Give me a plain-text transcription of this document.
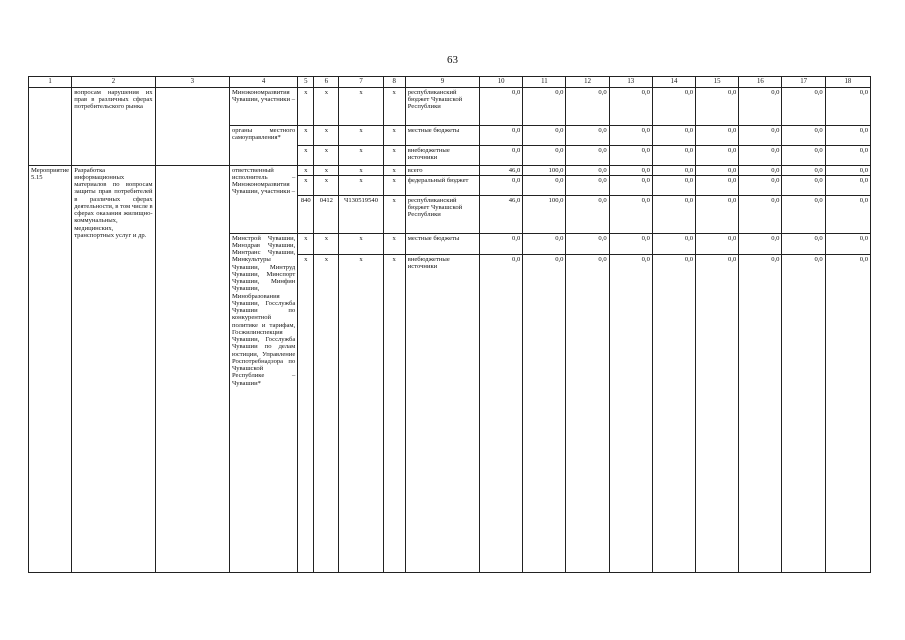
63
1	2	3	4	5	6	7	8	9	10	11	12	13	14	15	16	17	18
	вопросам нарушения их прав в различных сферах потребительского рынка		Минэкономразвития Чувашии, участники –	x	x	x	x	республиканский бюджет Чувашской Республики	0,0	0,0	0,0	0,0	0,0	0,0	0,0	0,0	0,0
			органы местного самоуправления*	x	x	x	x	местные бюджеты	0,0	0,0	0,0	0,0	0,0	0,0	0,0	0,0	0,0
				x	x	x	x	внебюджетные источники	0,0	0,0	0,0	0,0	0,0	0,0	0,0	0,0	0,0
Мероприятие 5.15	Разработка информационных материалов по вопросам защиты прав потребителей в различных сферах деятельности, в том числе в сферах оказания жилищно-коммунальных, медицинских, транспортных услуг и др.		ответственный исполнитель – Минэкономразвития Чувашии, участники –	x	x	x	x	всего	46,0	100,0	0,0	0,0	0,0	0,0	0,0	0,0	0,0
				x	x	x	x	федеральный бюджет	0,0	0,0	0,0	0,0	0,0	0,0	0,0	0,0	0,0
				840	0412	Ч130519540	x	республиканский бюджет Чувашской Республики	46,0	100,0	0,0	0,0	0,0	0,0	0,0	0,0	0,0
			Минстрой Чувашии, Минздрав Чувашии, Минтранс Чувашии, Минкультуры Чувашии, Минтруд Чувашии, Минспорт Чувашии, Минфин Чувашии, Минобразования Чувашии, Госслужба Чувашии по конкурентной политике и тарифам, Госжилинспекция Чувашии, Госслужба Чувашии по делам юстиции, Управление Роспотребнадзора по Чувашской Республике – Чувашии*	x	x	x	x	местные бюджеты	0,0	0,0	0,0	0,0	0,0	0,0	0,0	0,0	0,0
				x	x	x	x	внебюджетные источники	0,0	0,0	0,0	0,0	0,0	0,0	0,0	0,0	0,0
